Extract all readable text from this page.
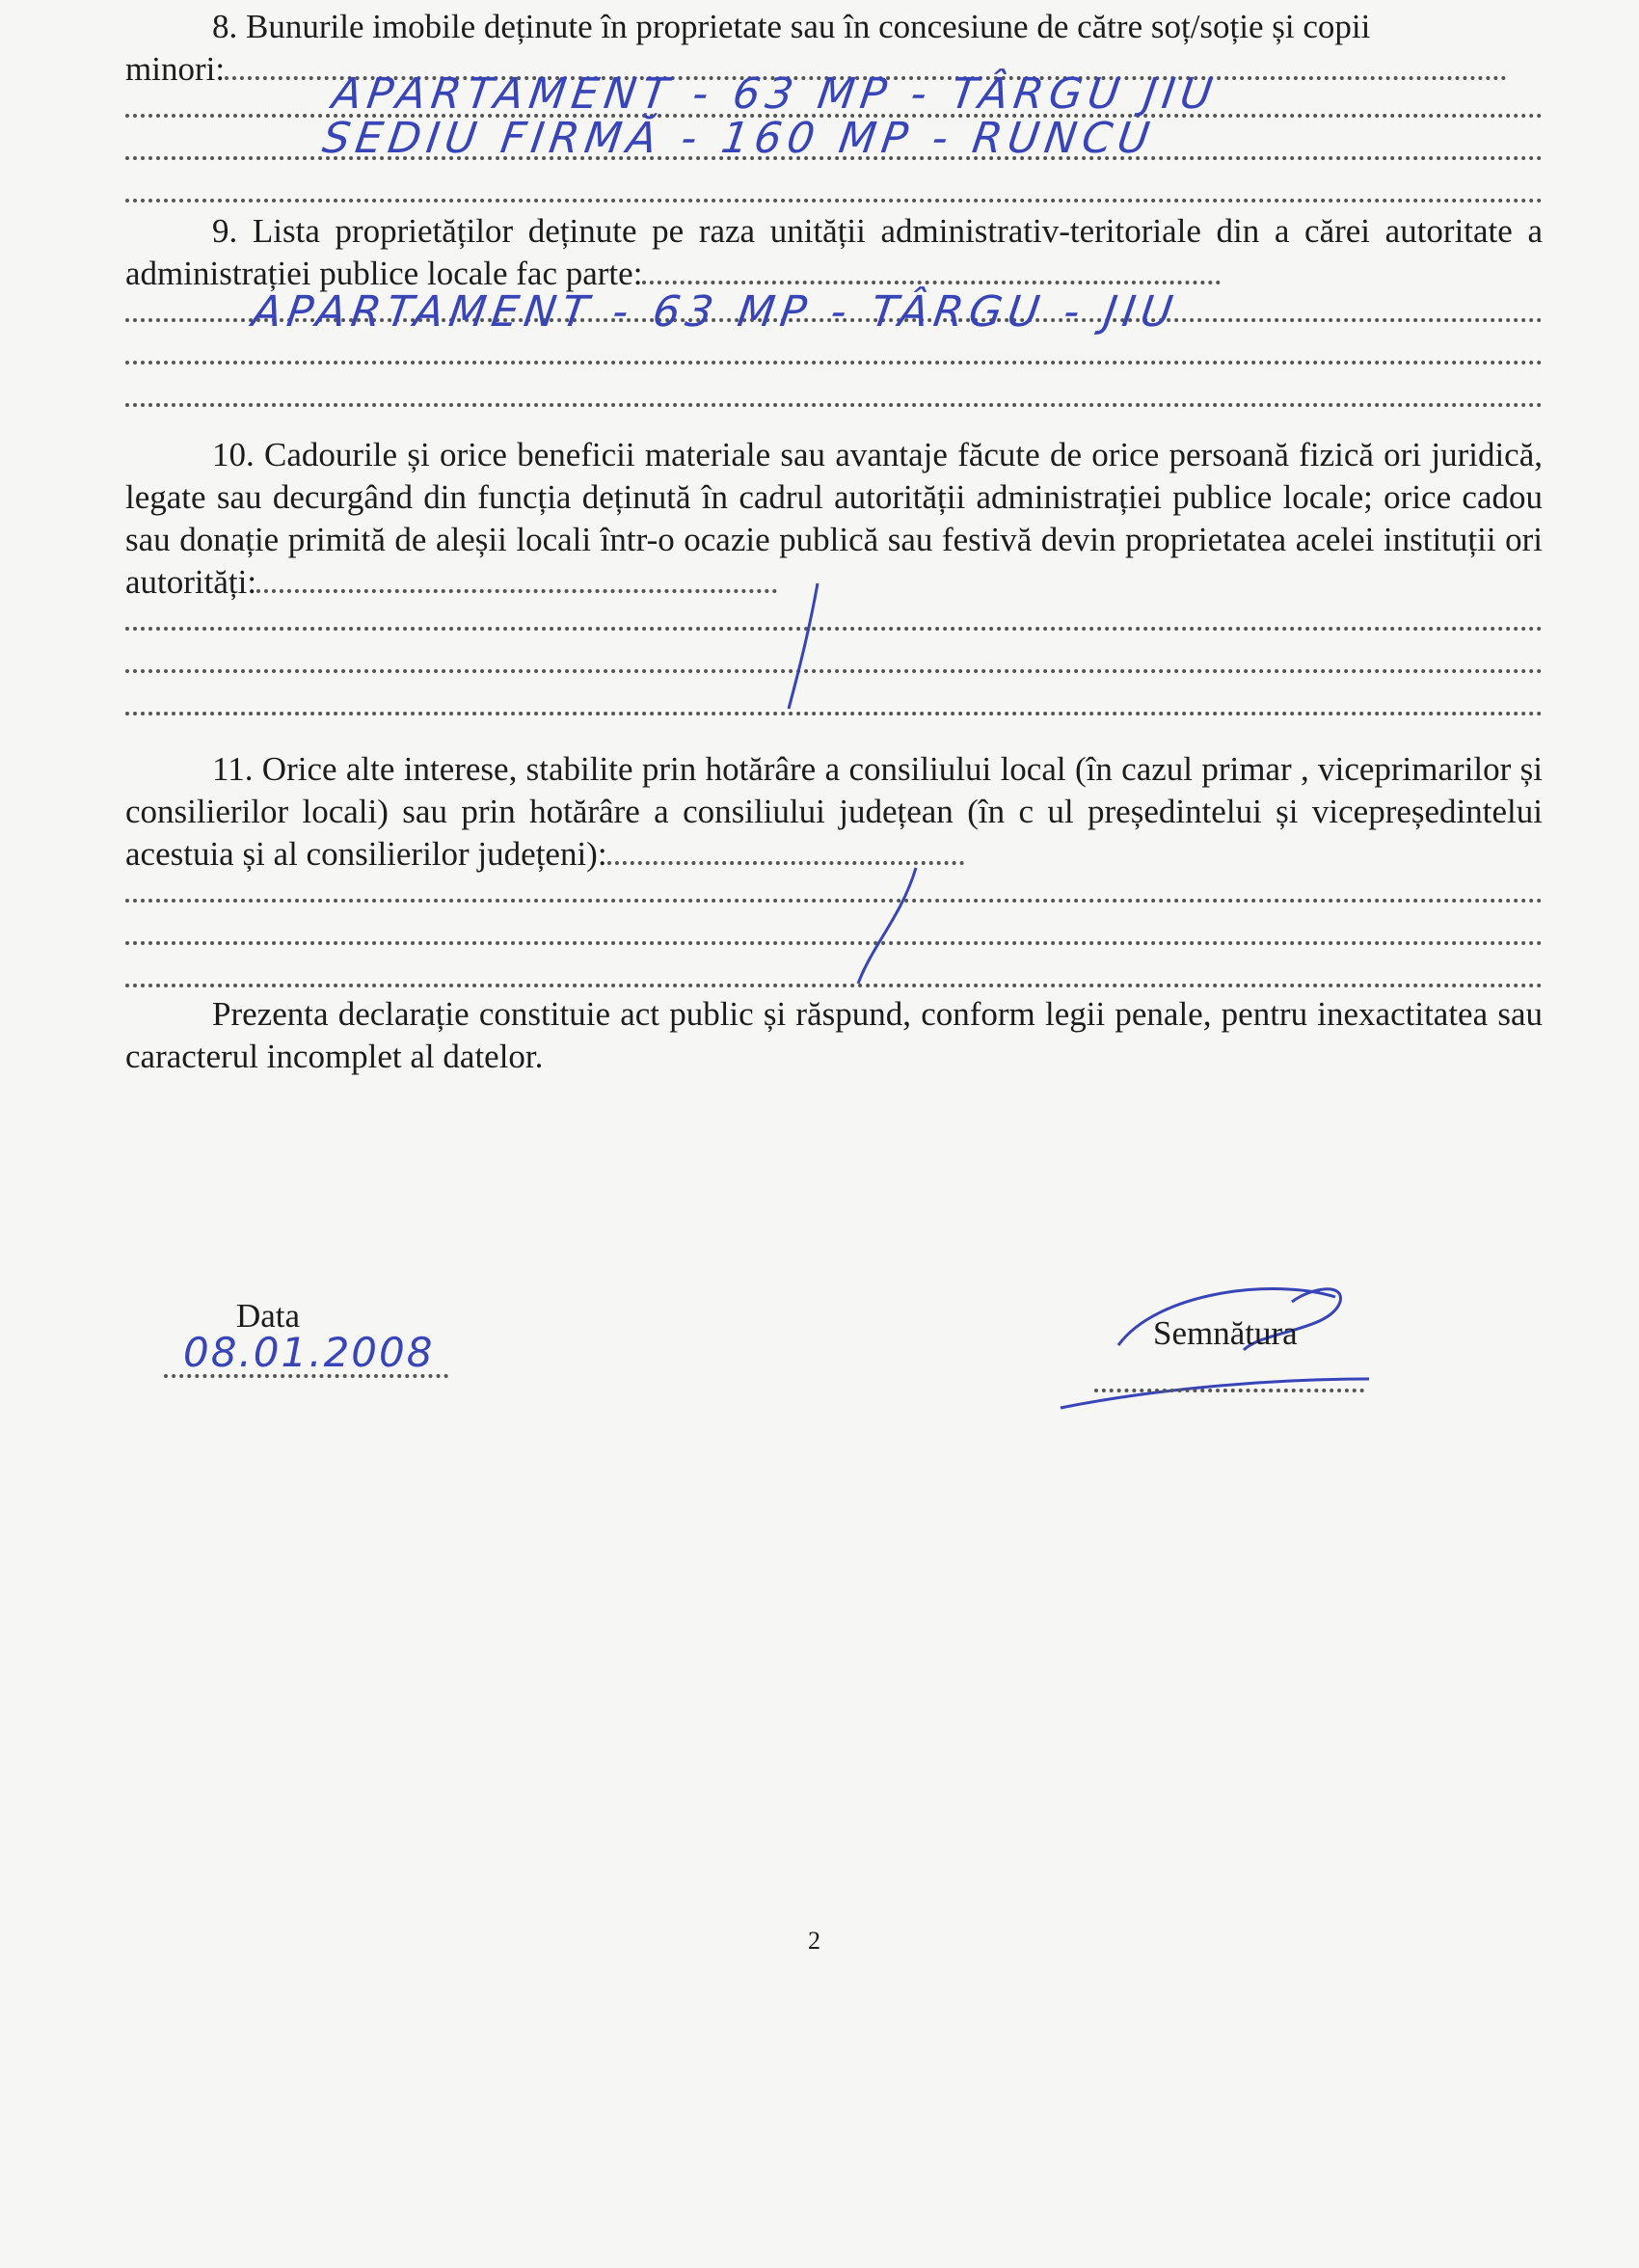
8. Bunurile imobile deținute în proprietate sau în concesiune de către soț/soție și copii
minori:

APARTAMENT - 63 MP - TÂRGU JIU
SEDIU FIRMĂ - 160 MP - RUNCU

9. Lista proprietăților deținute pe raza unității administrativ-teritoriale din a cărei autoritate a administrației publice locale fac parte:

APARTAMENT - 63 MP - TÂRGU - JIU

10. Cadourile și orice beneficii materiale sau avantaje făcute de orice persoană fizică ori juridică, legate sau decurgând din funcția deținută în cadrul autorității administrației publice locale; orice cadou sau donație primită de aleșii locali într-o ocazie publică sau festivă devin proprietatea acelei instituții ori autorități:

11. Orice alte interese, stabilite prin hotărâre a consiliului local (în cazul primar , viceprimarilor și consilierilor locali) sau prin hotărâre a consiliului județean (în c ul președintelui și vicepreședintelui acestuia și al consilierilor județeni):

Prezenta declarație constituie act public și răspund, conform legii penale, pentru inexactitatea sau caracterul incomplet al datelor.

Data
08.01.2008	Semnătura
2
